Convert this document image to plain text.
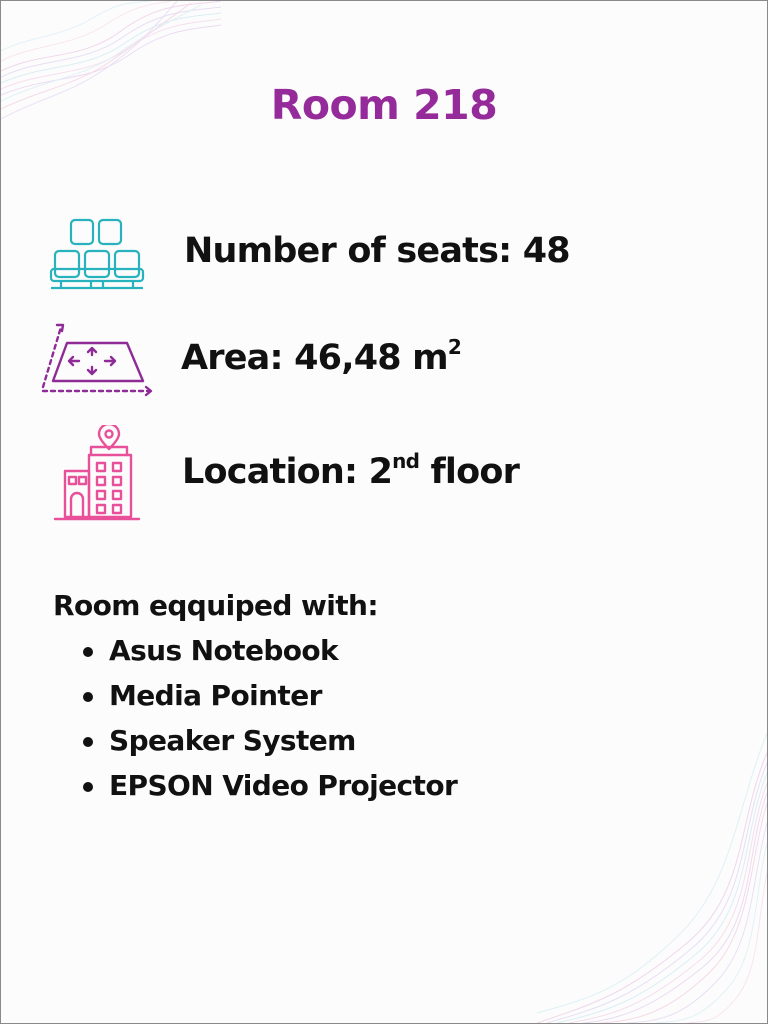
Room 218
Number of seats: 48
Area: 46,48 $m^2$
Location: 2nd floor
Room eqquiped with:
Asus Notebook
Media Pointer
Speaker System
EPSON Video Projector
